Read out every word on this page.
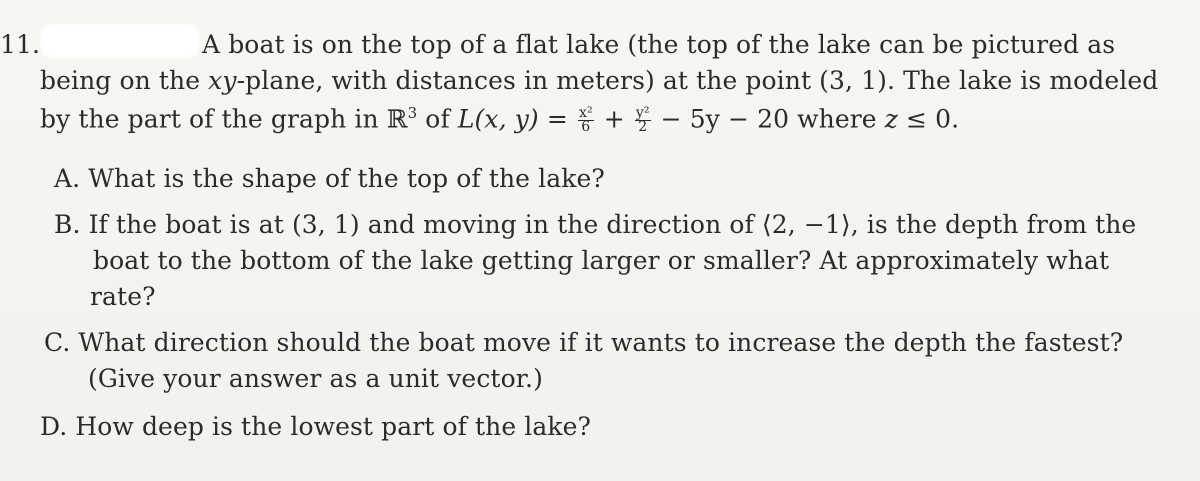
11.	A boat is on the top of a flat lake (the top of the lake can be pictured as
being on the xy-plane, with distances in meters) at the point (3, 1). The lake is modeled
by the part of the graph in ℝ$^3$ of L(x, $y) = \frac{\text{x²}}{6} + \frac{\text{y²}}{2} - 5y - 20$ where z ≤ 0.
A. What is the shape of the top of the lake?
B. If the boat is at (3, 1) and moving in the direction of ⟨2, −1⟩, is the depth from the
boat to the bottom of the lake getting larger or smaller? At approximately what
rate?
C. What direction should the boat move if it wants to increase the depth the fastest?
(Give your answer as a unit vector.)
D. How deep is the lowest part of the lake?
